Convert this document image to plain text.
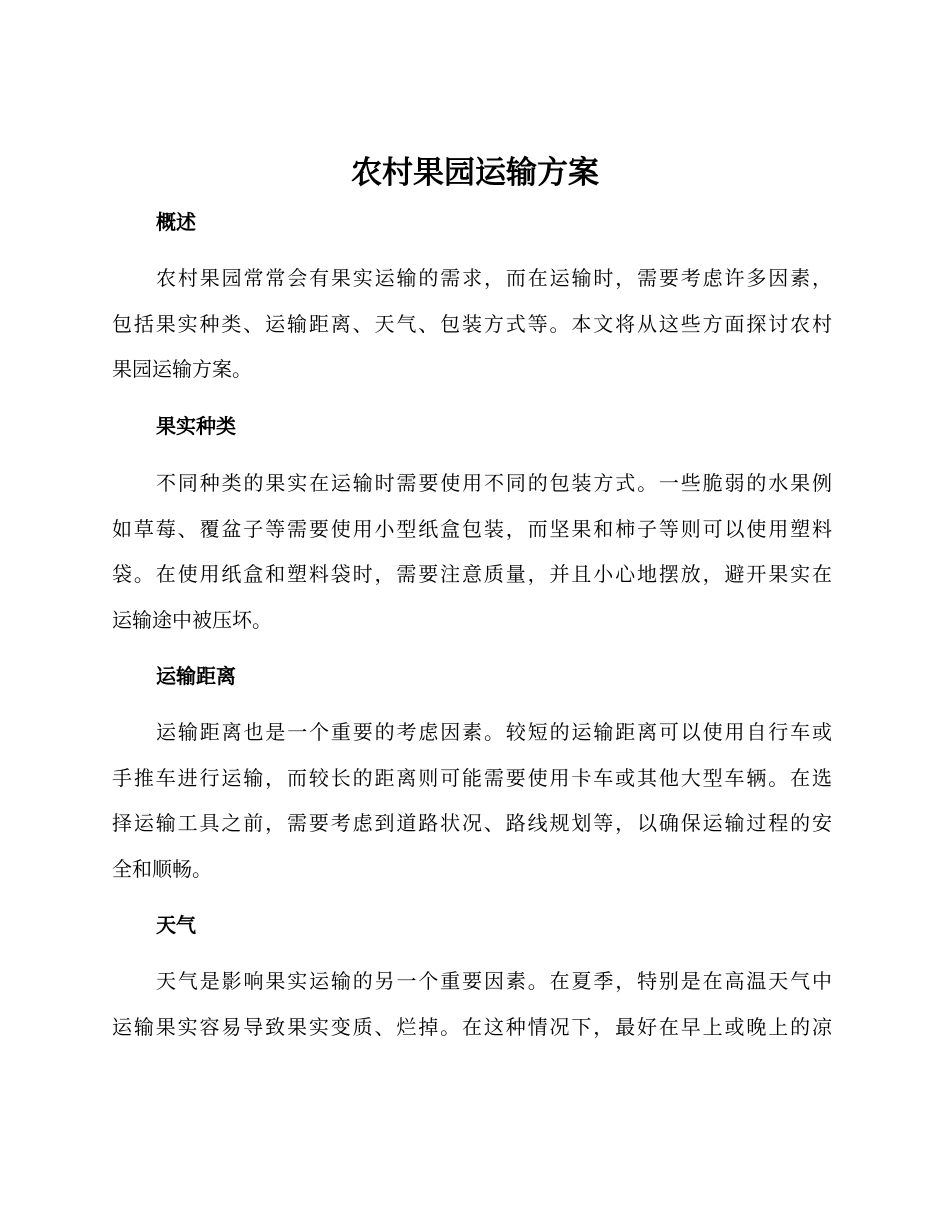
农村果园运输方案
概述

农村果园常常会有果实运输的需求，而在运输时，需要考虑许多因素，
包括果实种类、运输距离、天气、包装方式等。本文将从这些方面探讨农村
果园运输方案。

果实种类

不同种类的果实在运输时需要使用不同的包装方式。一些脆弱的水果例
如草莓、覆盆子等需要使用小型纸盒包装，而坚果和柿子等则可以使用塑料
袋。在使用纸盒和塑料袋时，需要注意质量，并且小心地摆放，避开果实在
运输途中被压坏。

运输距离

运输距离也是一个重要的考虑因素。较短的运输距离可以使用自行车或
手推车进行运输，而较长的距离则可能需要使用卡车或其他大型车辆。在选
择运输工具之前，需要考虑到道路状况、路线规划等，以确保运输过程的安
全和顺畅。

天气

天气是影响果实运输的另一个重要因素。在夏季，特别是在高温天气中
运输果实容易导致果实变质、烂掉。在这种情况下，最好在早上或晚上的凉
